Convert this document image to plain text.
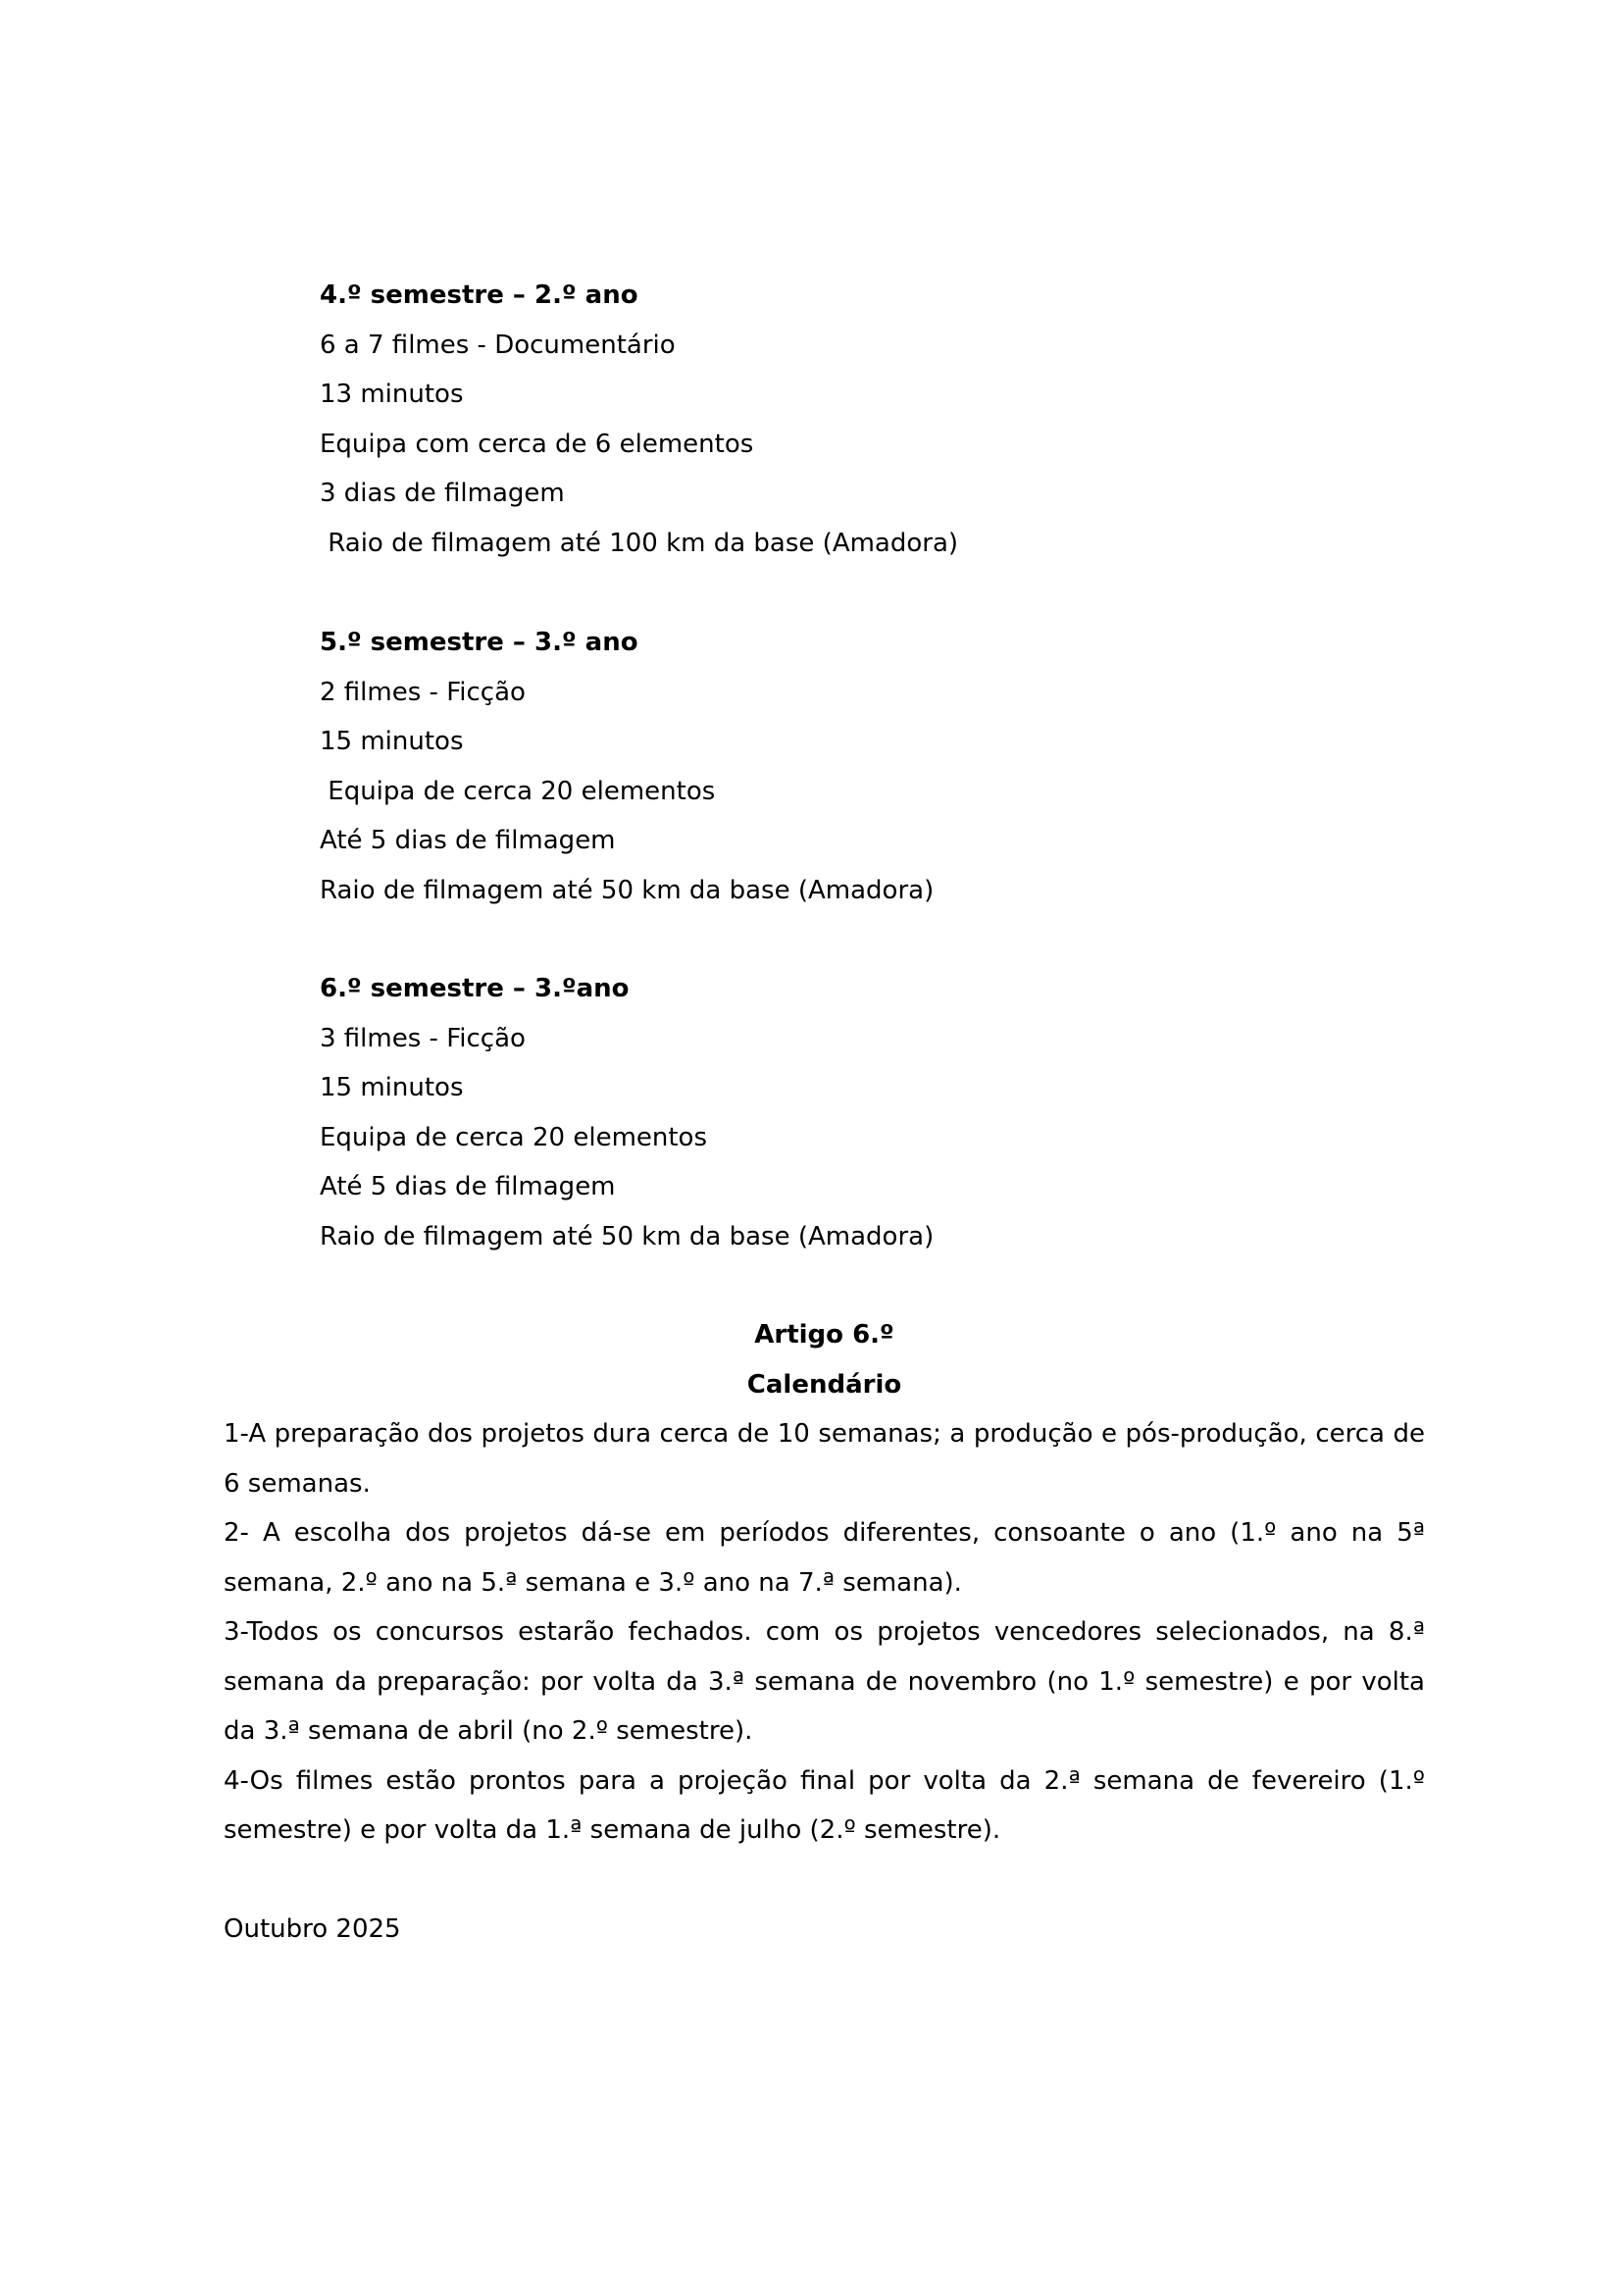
4.º semestre – 2.º ano
6 a 7 filmes - Documentário
13 minutos
Equipa com cerca de 6 elementos
3 dias de filmagem
Raio de filmagem até 100 km da base (Amadora)
5.º semestre – 3.º ano
2 filmes - Ficção
15 minutos
Equipa de cerca 20 elementos
Até 5 dias de filmagem
Raio de filmagem até 50 km da base (Amadora)
6.º semestre – 3.ºano
3 filmes - Ficção
15 minutos
Equipa de cerca 20 elementos
Até 5 dias de filmagem
Raio de filmagem até 50 km da base (Amadora)
Artigo 6.º
Calendário

1-A preparação dos projetos dura cerca de 10 semanas; a produção e pós-produção, cerca de 6 semanas.

2- A escolha dos projetos dá-se em períodos diferentes, consoante o ano (1.º ano na 5ª semana, 2.º ano na 5.ª semana e 3.º ano na 7.ª semana).

3-Todos os concursos estarão fechados. com os projetos vencedores selecionados, na 8.ª semana da preparação: por volta da 3.ª semana de novembro (no 1.º semestre) e por volta da 3.ª semana de abril (no 2.º semestre).

4-Os filmes estão prontos para a projeção final por volta da 2.ª semana de fevereiro (1.º semestre) e por volta da 1.ª semana de julho (2.º semestre).

Outubro 2025
